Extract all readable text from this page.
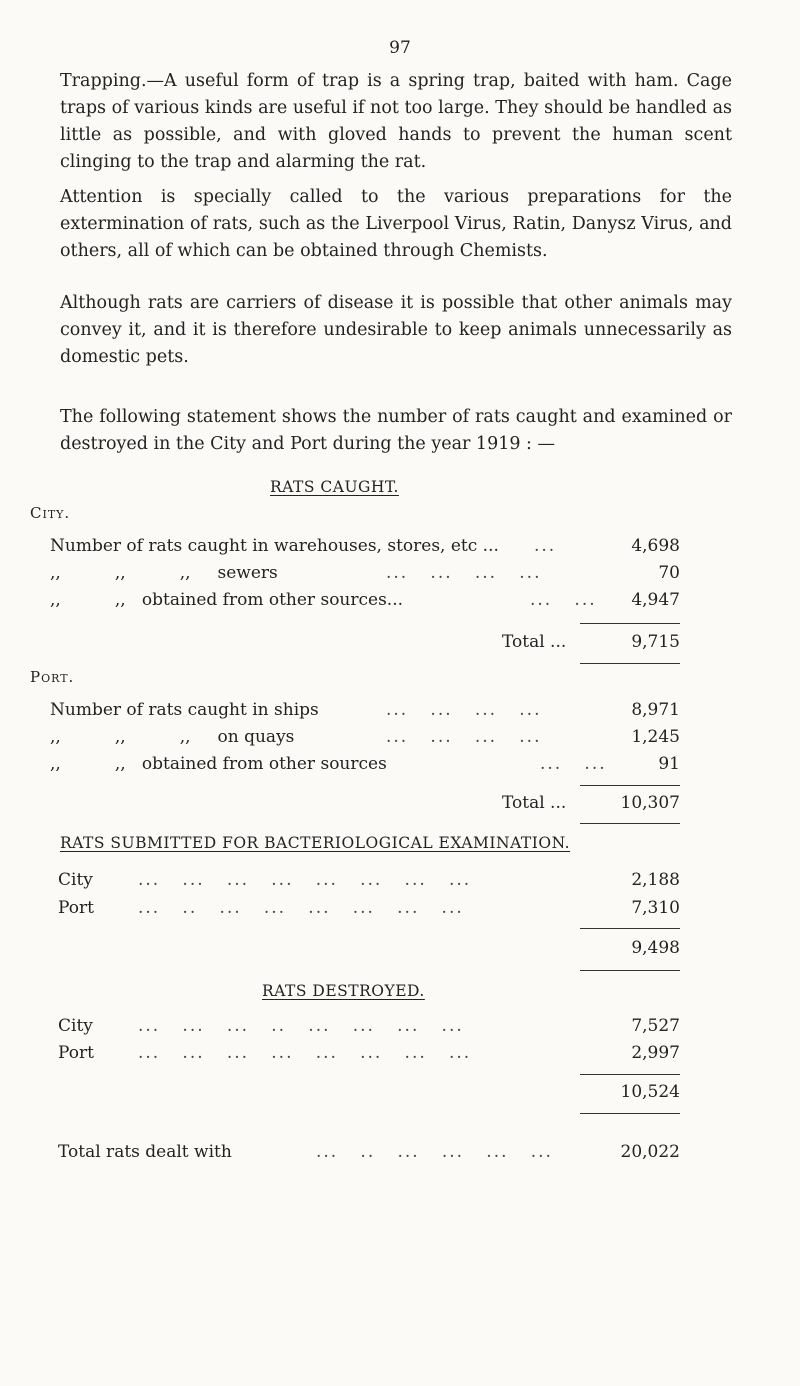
97
Trapping.—A useful form of trap is a spring trap, baited with ham. Cage traps of various kinds are useful if not too large. They should be handled as little as possible, and with gloved hands to prevent the human scent clinging to the trap and alarming the rat.
Attention is specially called to the various preparations for the extermination of rats, such as the Liverpool Virus, Ratin, Danysz Virus, and others, all of which can be obtained through Chemists.
Although rats are carriers of disease it is possible that other animals may convey it, and it is therefore undesirable to keep animals unnecessarily as domestic pets.
The following statement shows the number of rats caught and examined or destroyed in the City and Port during the year 1919 : —
RATS CAUGHT.
City.
Number of rats caught in warehouses, stores, etc ... ...	4,698
,,          ,,          ,,     sewers	...   ...   ...   ...	70
,,          ,,   obtained from other sources...	...   ... 4,947
Total ...	9,715
Port.
Number of rats caught in ships	...   ...   ...   ...	8,971
,,          ,,          ,,     on quays	...   ...   ...   ...	1,245
,,          ,,   obtained from other sources	...   ...	91
Total ...	10,307
RATS SUBMITTED FOR BACTERIOLOGICAL EXAMINATION.
City	...   ...   ...   ...   ...   ...   ...   ...	2,188
Port	...   ..   ...   ...   ...   ...   ...   ...	7,310
9,498
RATS DESTROYED.
City	...   ...   ...   ..   ...   ...   ...   ...	7,527
Port	...   ...   ...   ...   ...   ...   ...   ...	2,997
10,524
Total rats dealt with	...   ..   ...   ...   ...   ...	20,022
